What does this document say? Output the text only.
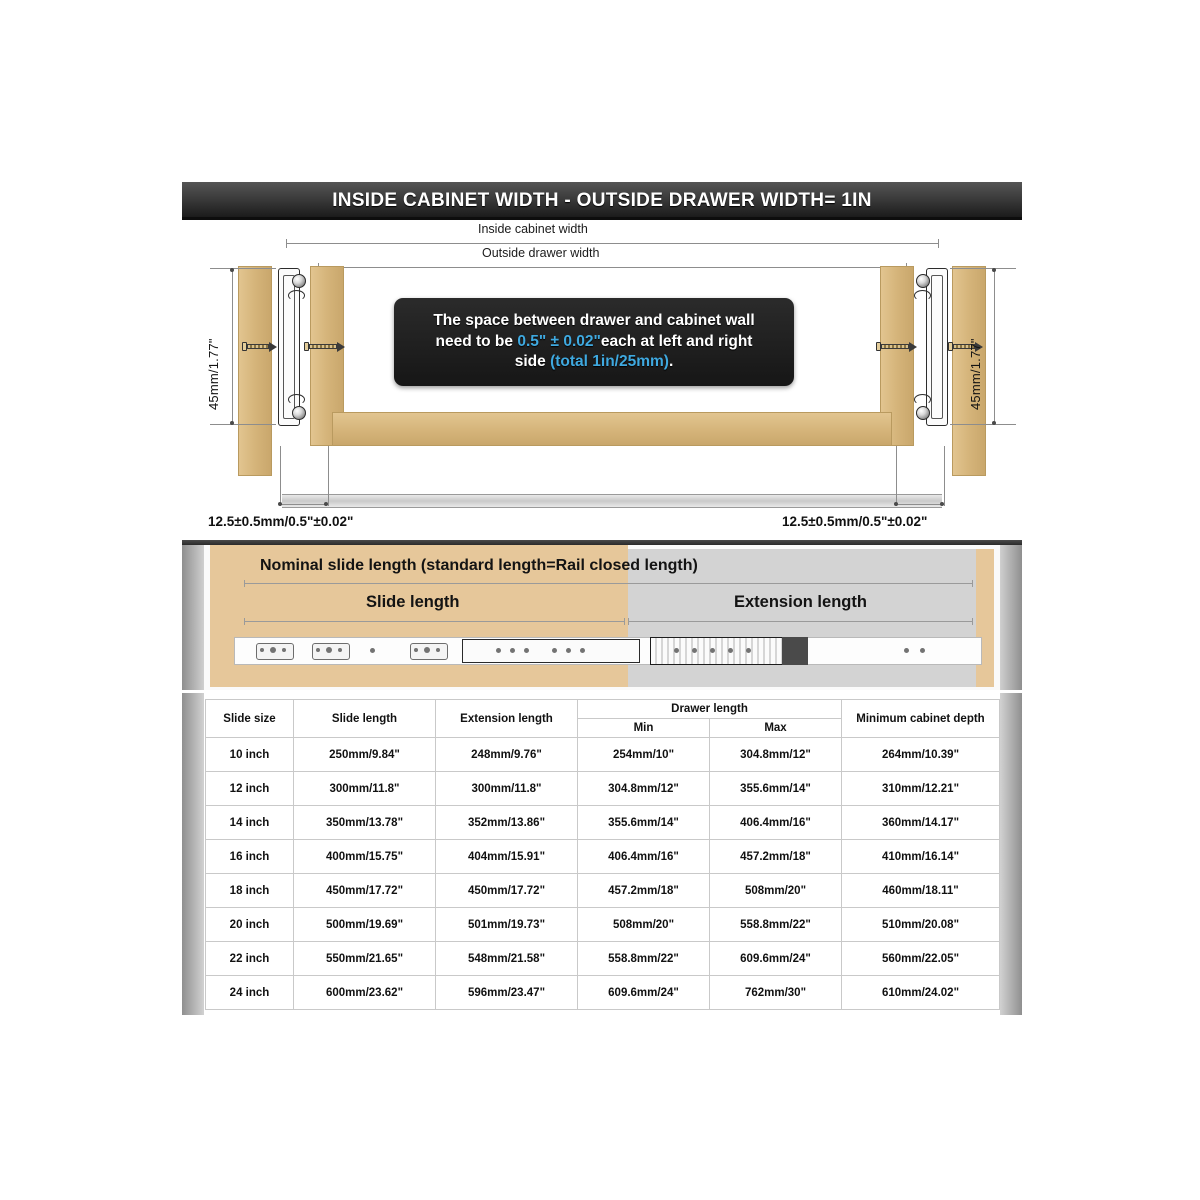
INSIDE CABINET WIDTH - OUTSIDE DRAWER WIDTH= 1IN
Inside cabinet width
Outside drawer width
45mm/1.77"	45mm/1.77"
12.5±0.5mm/0.5"±0.02"	12.5±0.5mm/0.5"±0.02"

The space between drawer and cabinet wall
need to be 0.5" ± 0.02"each at left and right
side (total 1in/25mm).

Nominal slide length (standard length=Rail closed length)
Slide length	Extension length
Slide size	Slide length	Extension length	Drawer length		Minimum cabinet depth
			Min	Max	
10 inch	250mm/9.84"	248mm/9.76"	254mm/10"	304.8mm/12"	264mm/10.39"
12 inch	300mm/11.8"	300mm/11.8"	304.8mm/12"	355.6mm/14"	310mm/12.21"
14 inch	350mm/13.78"	352mm/13.86"	355.6mm/14"	406.4mm/16"	360mm/14.17"
16 inch	400mm/15.75"	404mm/15.91"	406.4mm/16"	457.2mm/18"	410mm/16.14"
18 inch	450mm/17.72"	450mm/17.72"	457.2mm/18"	508mm/20"	460mm/18.11"
20 inch	500mm/19.69"	501mm/19.73"	508mm/20"	558.8mm/22"	510mm/20.08"
22 inch	550mm/21.65"	548mm/21.58"	558.8mm/22"	609.6mm/24"	560mm/22.05"
24 inch	600mm/23.62"	596mm/23.47"	609.6mm/24"	762mm/30"	610mm/24.02"
